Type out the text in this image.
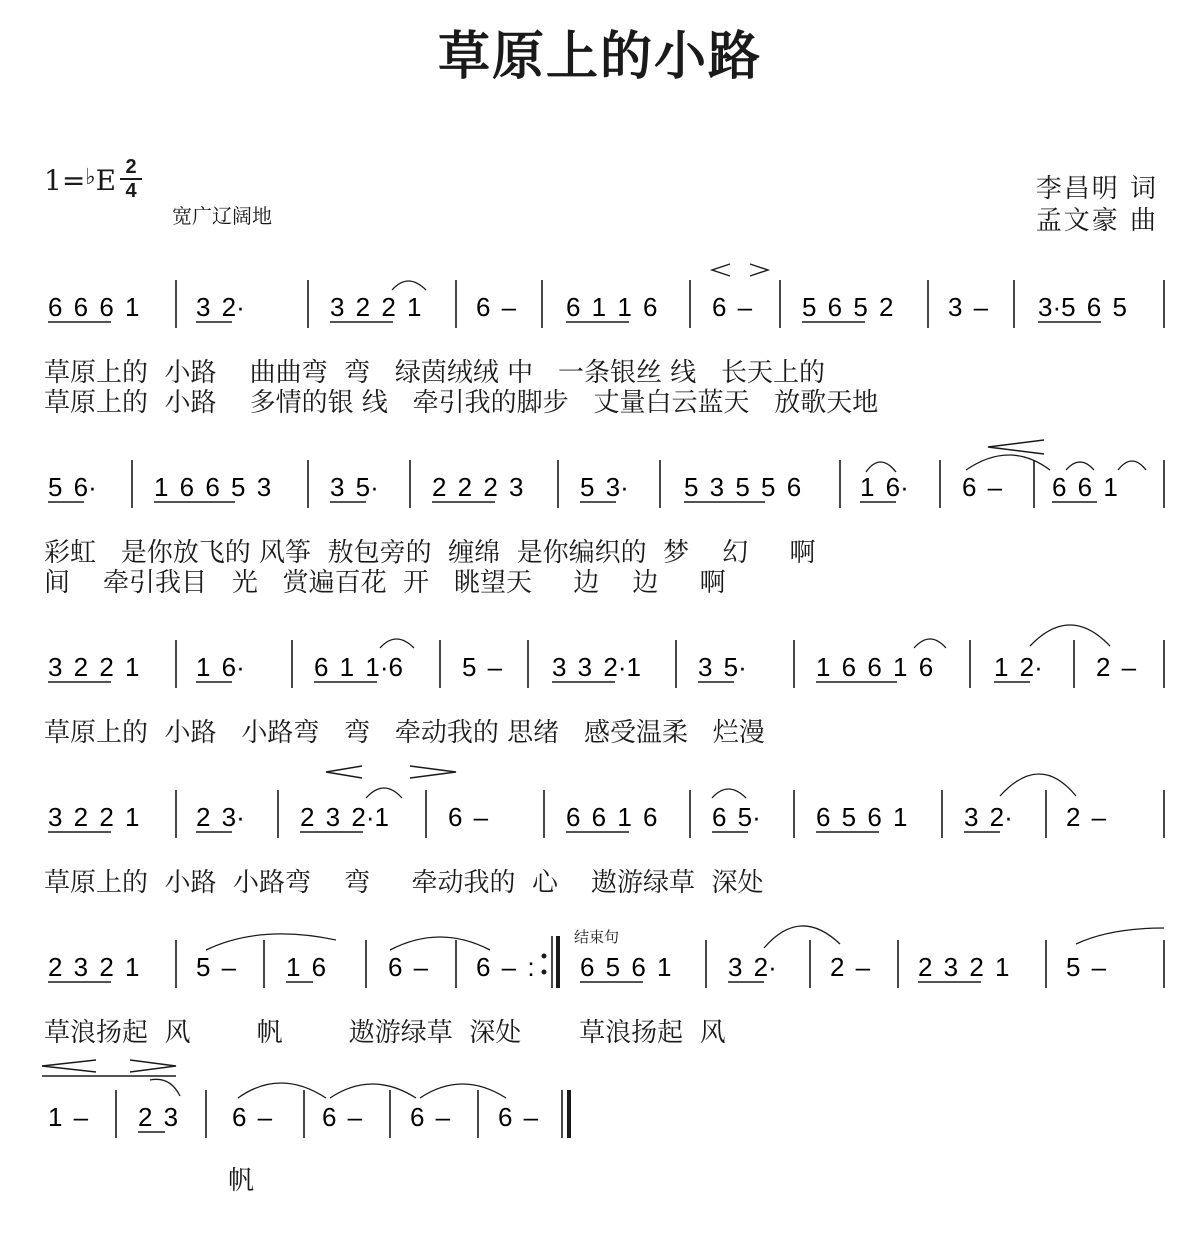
草原上的小路
1=♭E 2
4
宽广辽阔地
李昌明 词
孟文豪 曲
6 6 6 1 3 2·	3 2 2 1 6 – 6 1 1 6 6 – 5 6 5 2 3 – 3·5 6 5
5 6· 1 6 6 5 3 3 5· 2 2 2 3 5 3· 5 3 5 5 6 1 6· 6 – 6 6 1
3 2 2 1 1 6·	6 1 1·6 5 – 3 3 2·1 3 5·	1 6 6 1 6 1 2· 2 –
3 2 2 1 2 3· 2 3 2·1 6 –	6 6 1 6 6 5· 6 5 6 1 3 2· 2 –
2 3 2 1 5 – 1 6 6 – 6 – : 6 5 6 1 3 2· 2 – 2 3 2 1 5 –
1 – 2 3 6 – 6 – 6 – 6 –
草原上的  小路    曲曲弯  弯   绿茵绒绒 中   一条银丝 线   长天上的
草原上的  小路    多情的银 线   牵引我的脚步   丈量白云蓝天   放歌天地
彩虹   是你放飞的 风筝  敖包旁的  缠绵  是你编织的  梦    幻     啊
间    牵引我目   光   赏遍百花  开   眺望天     边    边     啊
草原上的  小路   小路弯   弯   牵动我的 思绪   感受温柔   烂漫
草原上的  小路  小路弯    弯     牵动我的  心    遨游绿草  深处
草浪扬起  风        帆        遨游绿草  深处       草浪扬起  风
帆
结束句
